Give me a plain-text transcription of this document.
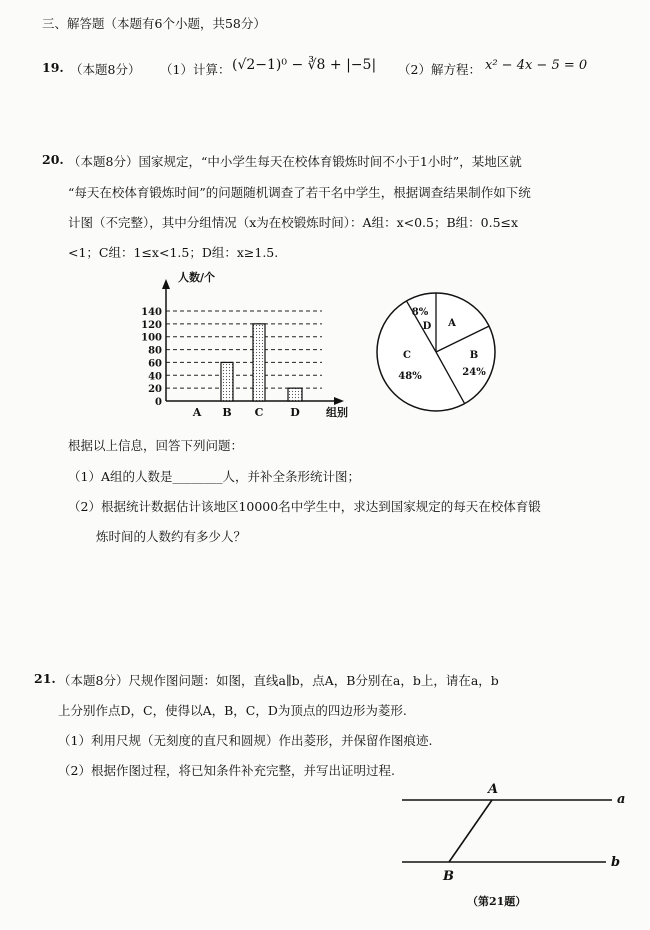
三、解答题（本题有6个小题，共58分）
19. （本题8分） （1）计算： (√2−1)⁰ − ∛8 + |−5| （2）解方程： x² − 4x − 5 = 0
20. （本题8分）国家规定，“中小学生每天在校体育锻炼时间不小于1小时”，某地区就
“每天在校体育锻炼时间”的问题随机调查了若干名中学生，根据调查结果制作如下统
计图（不完整），其中分组情况（x为在校锻炼时间）：A组：x<0.5；B组：0.5≤x
<1；C组：1≤x<1.5；D组：x≥1.5.
0
20
40
60
80
100
120
140
人数/个
组别
A B C D
A
B
24%
C
48%
D
8%
根据以上信息，回答下列问题：
（1）A组的人数是________人，并补全条形统计图；
（2）根据统计数据估计该地区10000名中学生中，求达到国家规定的每天在校体育锻
炼时间的人数约有多少人？
21. （本题8分）尺规作图问题：如图，直线a∥b，点A，B分别在a，b上，请在a，b
上分别作点D，C，使得以A，B，C，D为顶点的四边形为菱形.
（1）利用尺规（无刻度的直尺和圆规）作出菱形，并保留作图痕迹.
（2）根据作图过程，将已知条件补充完整，并写出证明过程.
A
B
a
b
（第21题）
